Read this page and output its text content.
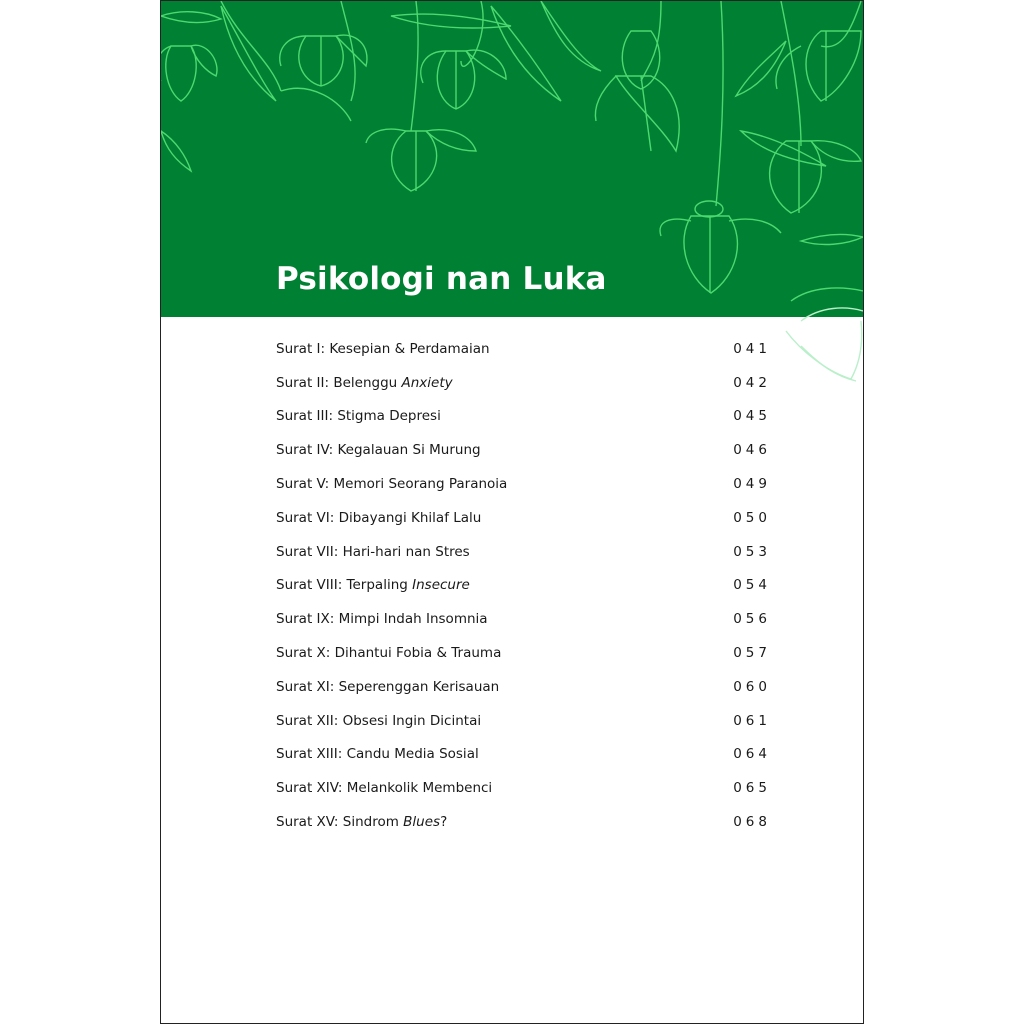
Psikologi nan Luka
Surat I: Kesepian & Perdamaian	041
Surat II: Belenggu Anxiety	042
Surat III: Stigma Depresi	045
Surat IV: Kegalauan Si Murung	046
Surat V: Memori Seorang Paranoia	049
Surat VI: Dibayangi Khilaf Lalu	050
Surat VII: Hari-hari nan Stres	053
Surat VIII: Terpaling Insecure	054
Surat IX: Mimpi Indah Insomnia	056
Surat X: Dihantui Fobia & Trauma	057
Surat XI: Seperenggan Kerisauan	060
Surat XII: Obsesi Ingin Dicintai	061
Surat XIII: Candu Media Sosial	064
Surat XIV: Melankolik Membenci	065
Surat XV: Sindrom Blues?	068
